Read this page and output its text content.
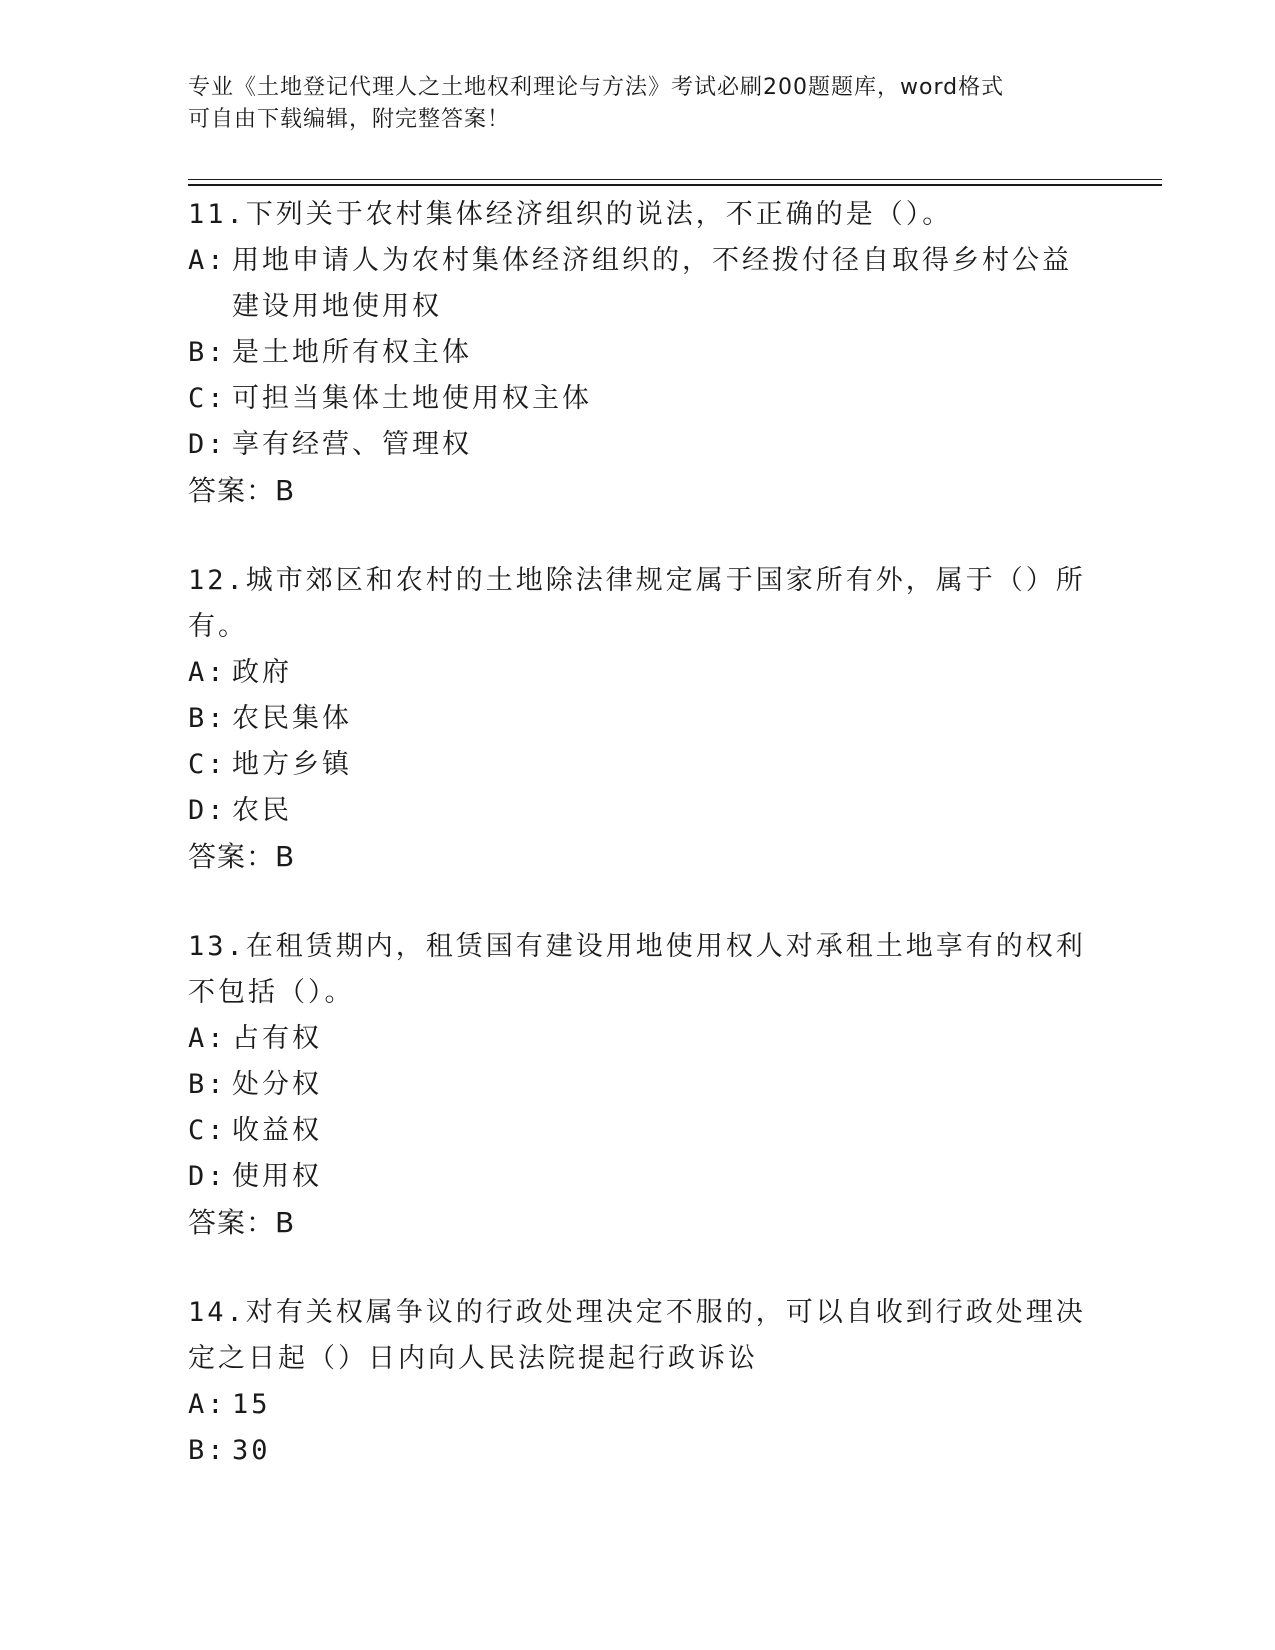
专业《土地登记代理人之土地权利理论与方法》考试必刷200题题库，word格式
可自由下载编辑，附完整答案！

11.下列关于农村集体经济组织的说法，不正确的是（）。

A: 用地申请人为农村集体经济组织的，不经拨付径自取得乡村公益建设用地使用权
B: 是土地所有权主体
C: 可担当集体土地使用权主体
D: 享有经营、管理权

答案：B

12.城市郊区和农村的土地除法律规定属于国家所有外，属于（）所有。

A: 政府
B: 农民集体
C: 地方乡镇
D: 农民

答案：B

13.在租赁期内，租赁国有建设用地使用权人对承租土地享有的权利不包括（）。

A: 占有权
B: 处分权
C: 收益权
D: 使用权

答案：B

14.对有关权属争议的行政处理决定不服的，可以自收到行政处理决定之日起（）日内向人民法院提起行政诉讼

A: 15
B: 30
